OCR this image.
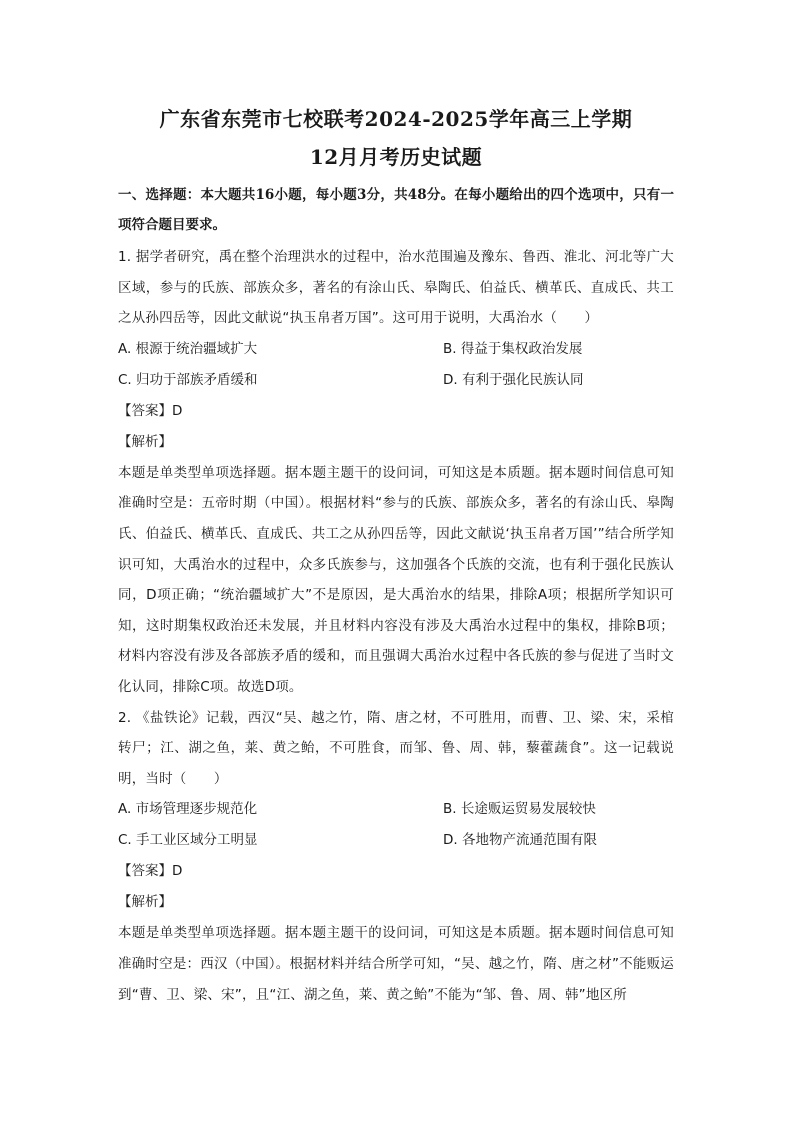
广东省东莞市七校联考2024-2025学年高三上学期
12月月考历史试题

一、选择题：本大题共16小题，每小题3分，共48分。在每小题给出的四个选项中，只有一项符合题目要求。

1. 据学者研究，禹在整个治理洪水的过程中，治水范围遍及豫东、鲁西、淮北、河北等广大区域，参与的氏族、部族众多，著名的有涂山氏、皋陶氏、伯益氏、横革氏、直成氏、共工之从孙四岳等，因此文献说“执玉帛者万国”。这可用于说明，大禹治水（　　）

A. 根源于统治疆域扩大	B. 得益于集权政治发展
C. 归功于部族矛盾缓和	D. 有利于强化民族认同

【答案】D

【解析】

本题是单类型单项选择题。据本题主题干的设问词，可知这是本质题。据本题时间信息可知准确时空是：五帝时期（中国）。根据材料“参与的氏族、部族众多，著名的有涂山氏、皋陶氏、伯益氏、横革氏、直成氏、共工之从孙四岳等，因此文献说‘执玉帛者万国’”结合所学知识可知，大禹治水的过程中，众多氏族参与，这加强各个氏族的交流，也有利于强化民族认同，D项正确；“统治疆域扩大”不是原因，是大禹治水的结果，排除A项；根据所学知识可知，这时期集权政治还未发展，并且材料内容没有涉及大禹治水过程中的集权，排除B项；材料内容没有涉及各部族矛盾的缓和，而且强调大禹治水过程中各氏族的参与促进了当时文化认同，排除C项。故选D项。

2. 《盐铁论》记载，西汉“吴、越之竹，隋、唐之材，不可胜用，而曹、卫、梁、宋，采棺转尸；江、湖之鱼，莱、黄之鲐，不可胜食，而邹、鲁、周、韩，藜藿蔬食”。这一记载说明，当时（　　）

A. 市场管理逐步规范化	B. 长途贩运贸易发展较快
C. 手工业区域分工明显	D. 各地物产流通范围有限

【答案】D

【解析】

本题是单类型单项选择题。据本题主题干的设问词，可知这是本质题。据本题时间信息可知准确时空是：西汉（中国）。根据材料并结合所学可知，“吴、越之竹，隋、唐之材”不能贩运到“曹、卫、梁、宋”，且“江、湖之鱼，莱、黄之鲐”不能为“邹、鲁、周、韩”地区所
